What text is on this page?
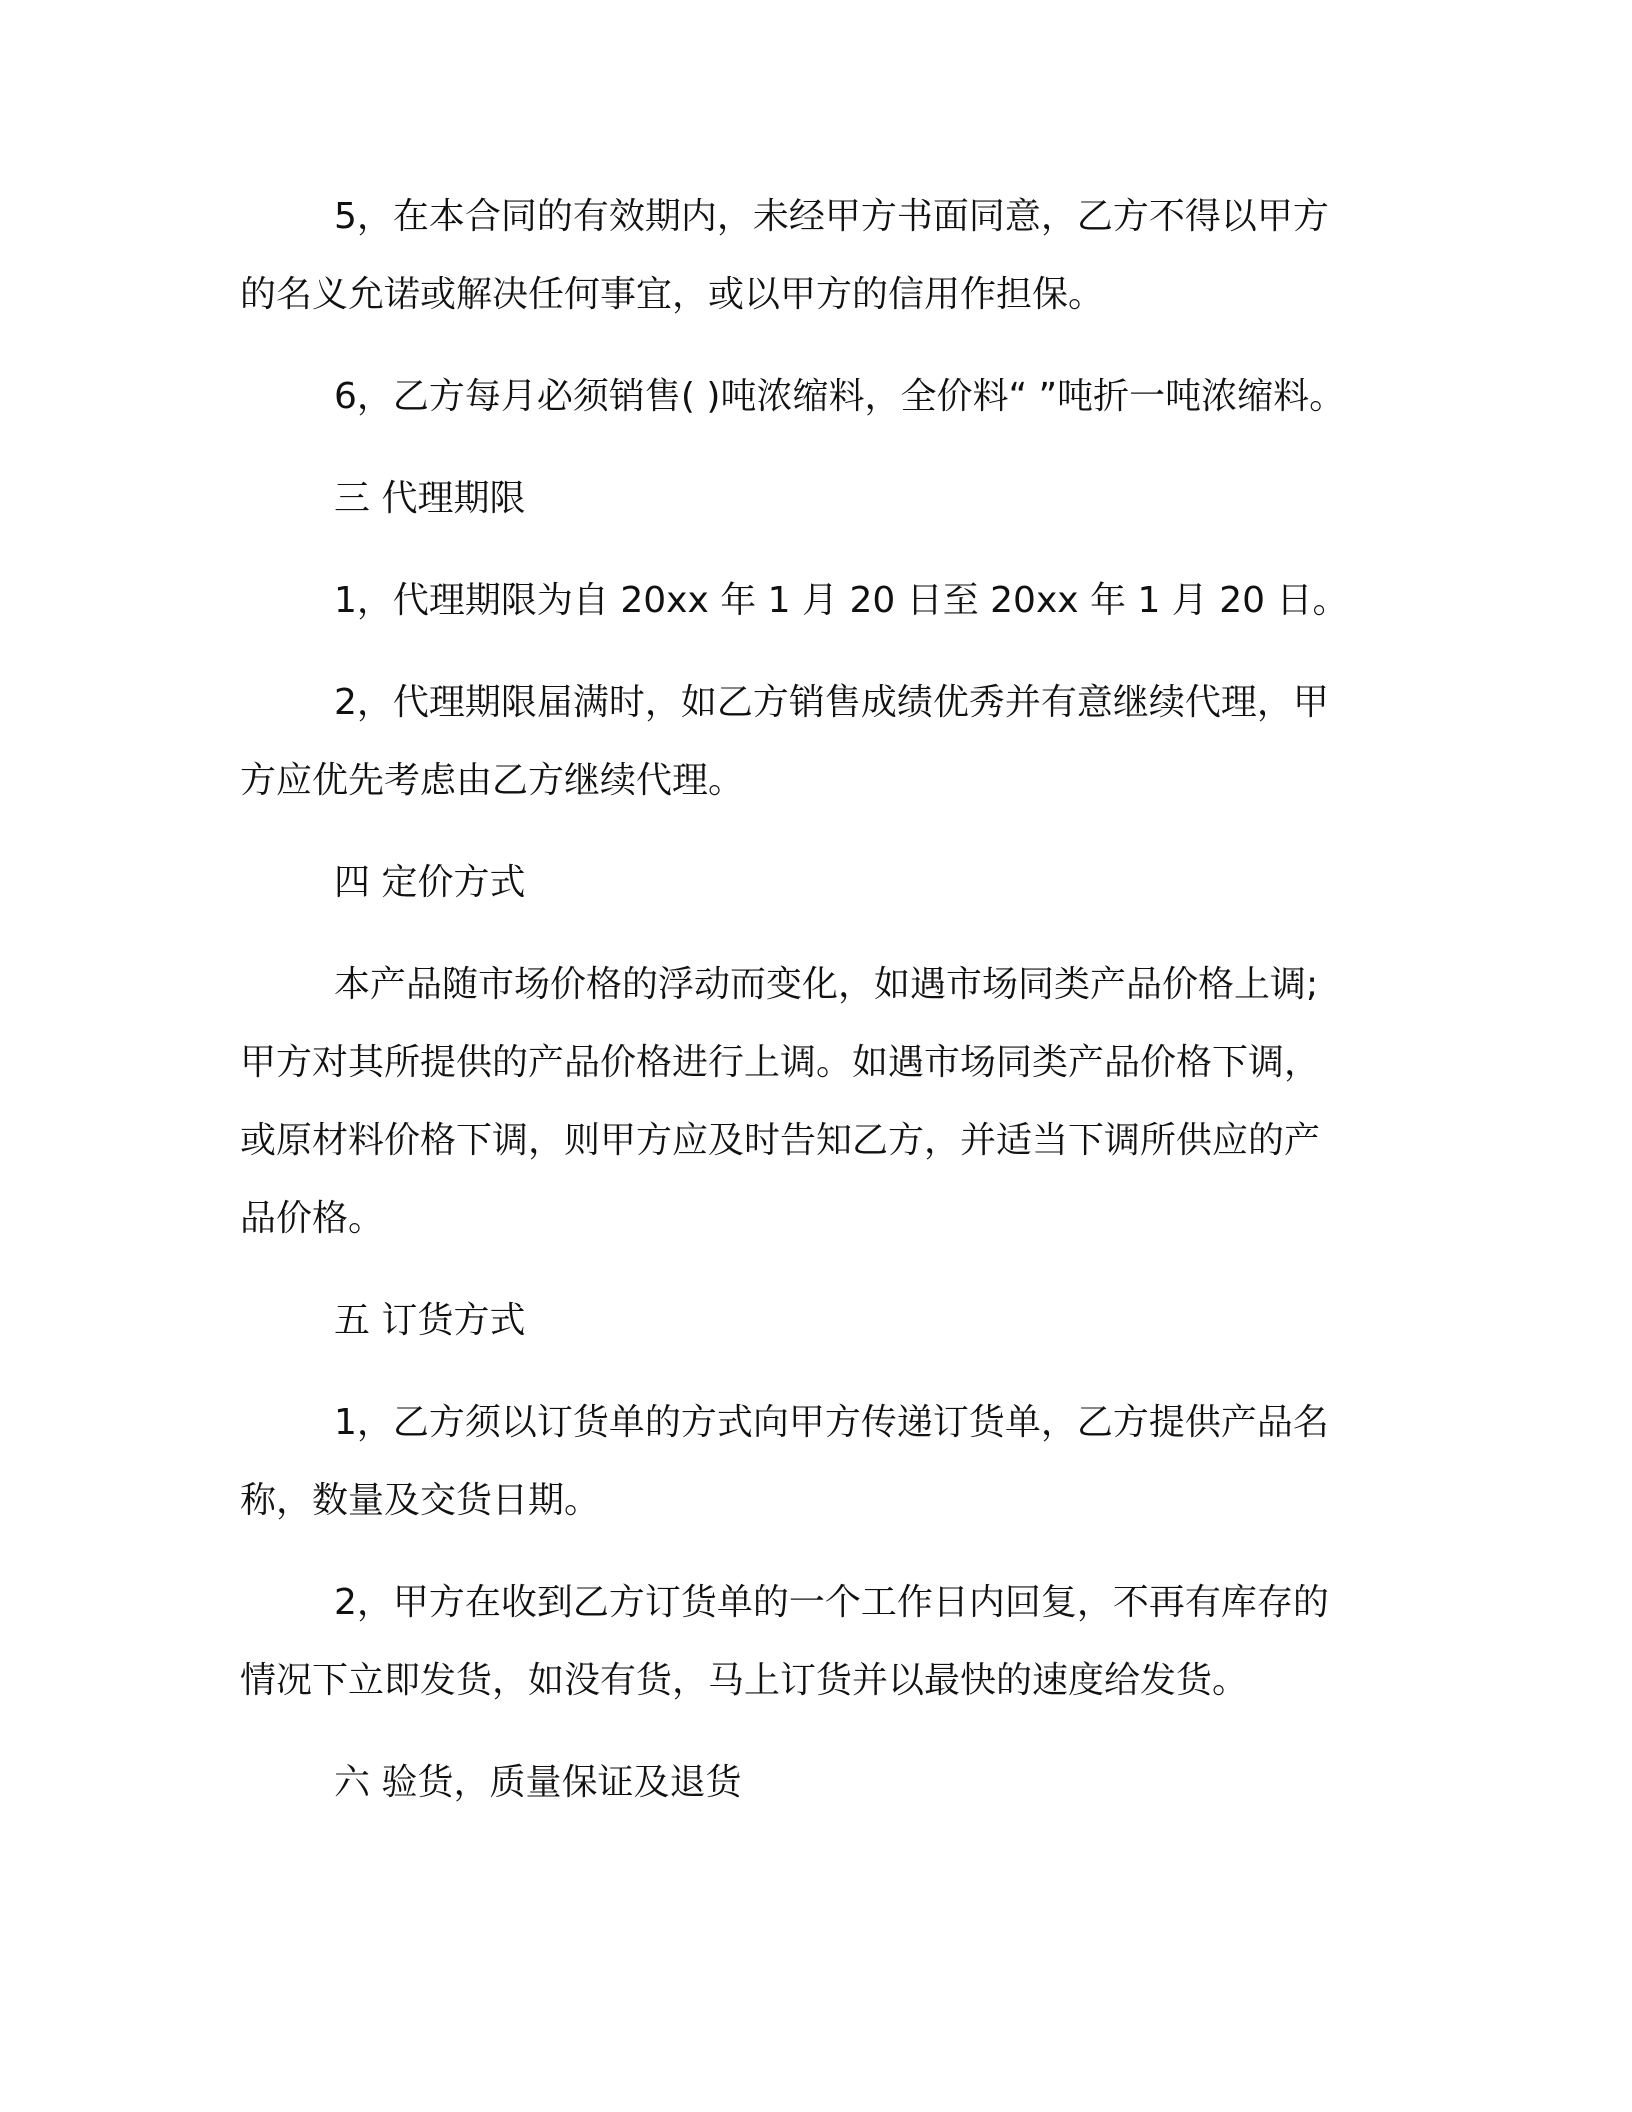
5，在本合同的有效期内，未经甲方书面同意，乙方不得以甲方

的名义允诺或解决任何事宜，或以甲方的信用作担保。

6，乙方每月必须销售( )吨浓缩料，全价料“ ”吨折一吨浓缩料。

三 代理期限

1，代理期限为自 20xx 年 1 月 20 日至 20xx 年 1 月 20 日。

2，代理期限届满时，如乙方销售成绩优秀并有意继续代理，甲

方应优先考虑由乙方继续代理。

四 定价方式

本产品随市场价格的浮动而变化，如遇市场同类产品价格上调;

甲方对其所提供的产品价格进行上调。如遇市场同类产品价格下调，

或原材料价格下调，则甲方应及时告知乙方，并适当下调所供应的产

品价格。

五 订货方式

1，乙方须以订货单的方式向甲方传递订货单，乙方提供产品名

称，数量及交货日期。

2，甲方在收到乙方订货单的一个工作日内回复，不再有库存的

情况下立即发货，如没有货，马上订货并以最快的速度给发货。

六 验货，质量保证及退货
